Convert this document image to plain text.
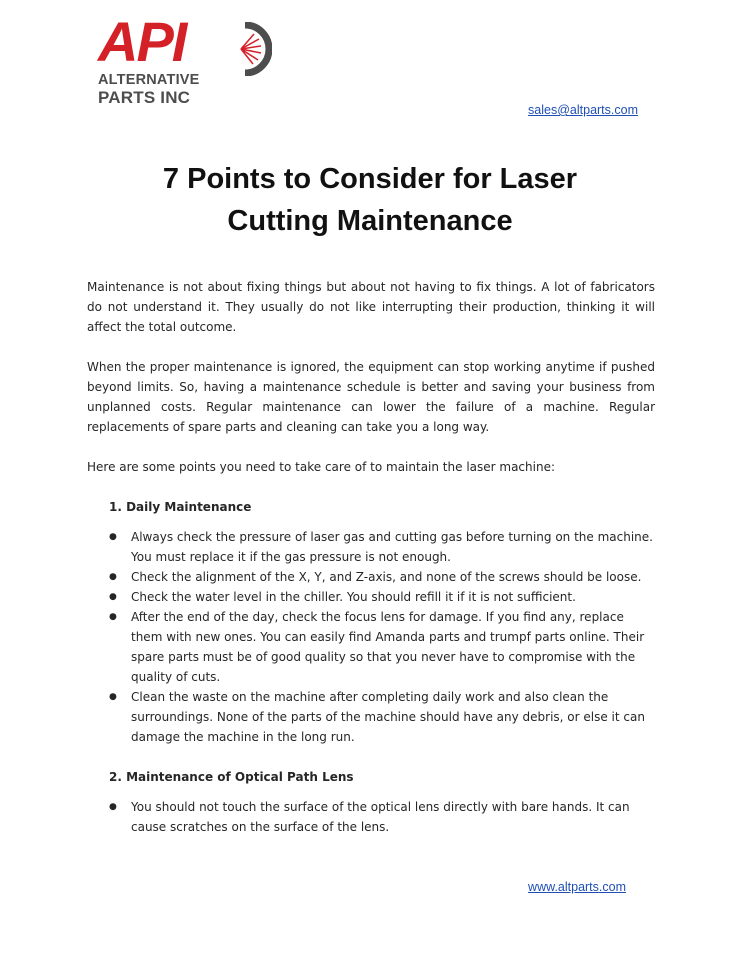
API
ALTERNATIVE
PARTS INC
sales@altparts.com
7 Points to Consider for Laser
Cutting Maintenance

Maintenance is not about fixing things but about not having to fix things. A lot of fabricators do not understand it. They usually do not like interrupting their production, thinking it will affect the total outcome.

When the proper maintenance is ignored, the equipment can stop working anytime if pushed beyond limits. So, having a maintenance schedule is better and saving your business from unplanned costs. Regular maintenance can lower the failure of a machine. Regular replacements of spare parts and cleaning can take you a long way.

Here are some points you need to take care of to maintain the laser machine:

1. Daily Maintenance
● Always check the pressure of laser gas and cutting gas before turning on the machine. You must replace it if the gas pressure is not enough.
● Check the alignment of the X, Y, and Z-axis, and none of the screws should be loose.
● Check the water level in the chiller. You should refill it if it is not sufficient.
● After the end of the day, check the focus lens for damage. If you find any, replace them with new ones. You can easily find Amanda parts and trumpf parts online. Their spare parts must be of good quality so that you never have to compromise with the quality of cuts.
● Clean the waste on the machine after completing daily work and also clean the surroundings. None of the parts of the machine should have any debris, or else it can damage the machine in the long run.
2. Maintenance of Optical Path Lens
● You should not touch the surface of the optical lens directly with bare hands. It can cause scratches on the surface of the lens.
www.altparts.com
